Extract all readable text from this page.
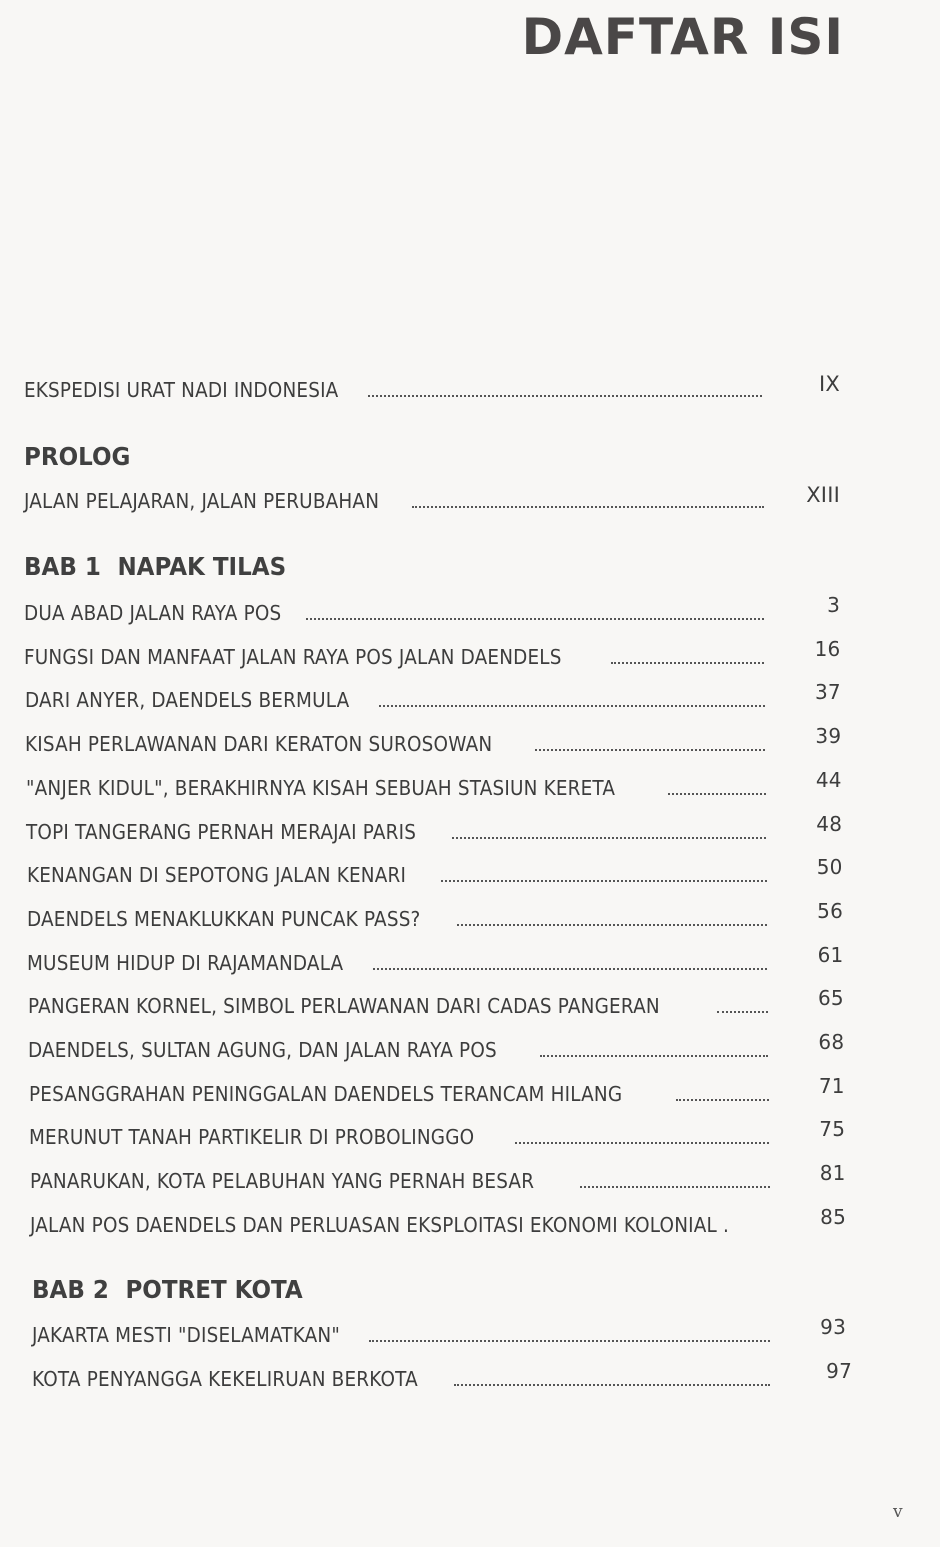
DAFTAR ISI
EKSPEDISI URAT NADI INDONESIA	IX
PROLOG
JALAN PELAJARAN, JALAN PERUBAHAN	XIII
BAB 1 NAPAK TILAS
DUA ABAD JALAN RAYA POS	3
FUNGSI DAN MANFAAT JALAN RAYA POS JALAN DAENDELS	16
DARI ANYER, DAENDELS BERMULA	37
KISAH PERLAWANAN DARI KERATON SUROSOWAN	39
"ANJER KIDUL", BERAKHIRNYA KISAH SEBUAH STASIUN KERETA	44
TOPI TANGERANG PERNAH MERAJAI PARIS	48
KENANGAN DI SEPOTONG JALAN KENARI	50
DAENDELS MENAKLUKKAN PUNCAK PASS?	56
MUSEUM HIDUP DI RAJAMANDALA	61
PANGERAN KORNEL, SIMBOL PERLAWANAN DARI CADAS PANGERAN	65
DAENDELS, SULTAN AGUNG, DAN JALAN RAYA POS	68
PESANGGRAHAN PENINGGALAN DAENDELS TERANCAM HILANG	71
MERUNUT TANAH PARTIKELIR DI PROBOLINGGO	75
PANARUKAN, KOTA PELABUHAN YANG PERNAH BESAR	81
JALAN POS DAENDELS DAN PERLUASAN EKSPLOITASI EKONOMI KOLONIAL .	85
BAB 2 POTRET KOTA
JAKARTA MESTI "DISELAMATKAN"	93
KOTA PENYANGGA KEKELIRUAN BERKOTA	97
v
